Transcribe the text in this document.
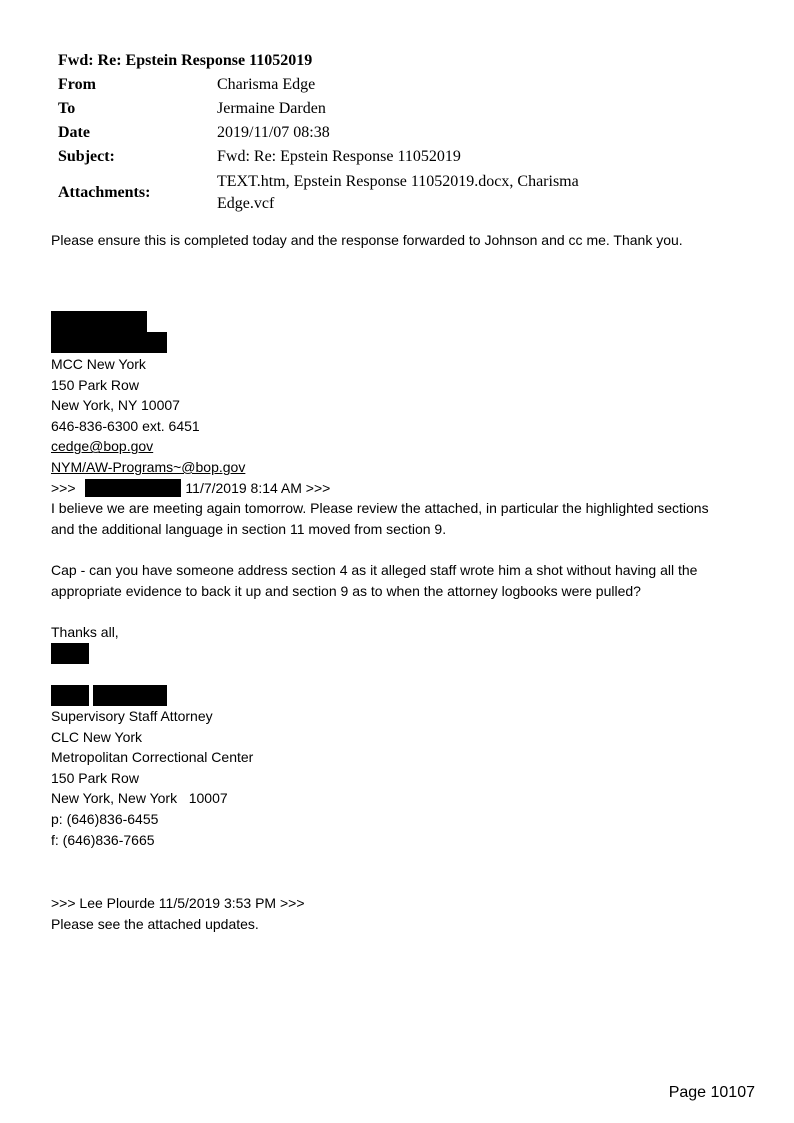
Fwd: Re: Epstein Response 11052019
From	Charisma Edge
To	Jermaine Darden
Date	2019/11/07 08:38
Subject:	Fwd: Re: Epstein Response 11052019
Attachments:
TEXT.htm, Epstein Response 11052019.docx, Charisma
Edge.vcf
Please ensure this is completed today and the response forwarded to Johnson and cc me. Thank you.
MCC New York
150 Park Row
New York, NY 10007
646-836-6300 ext. 6451
cedge@bop.gov
NYM/AW-Programs~@bop.gov
>>>	11/7/2019 8:14 AM >>>
I believe we are meeting again tomorrow. Please review the attached, in particular the highlighted sections
and the additional language in section 11 moved from section 9.
Cap - can you have someone address section 4 as it alleged staff wrote him a shot without having all the
appropriate evidence to back it up and section 9 as to when the attorney logbooks were pulled?
Thanks all,
Supervisory Staff Attorney
CLC New York
Metropolitan Correctional Center
150 Park Row
New York, New York   10007
p: (646)836-6455
f: (646)836-7665
>>> Lee Plourde 11/5/2019 3:53 PM >>>
Please see the attached updates.
Page 10107
